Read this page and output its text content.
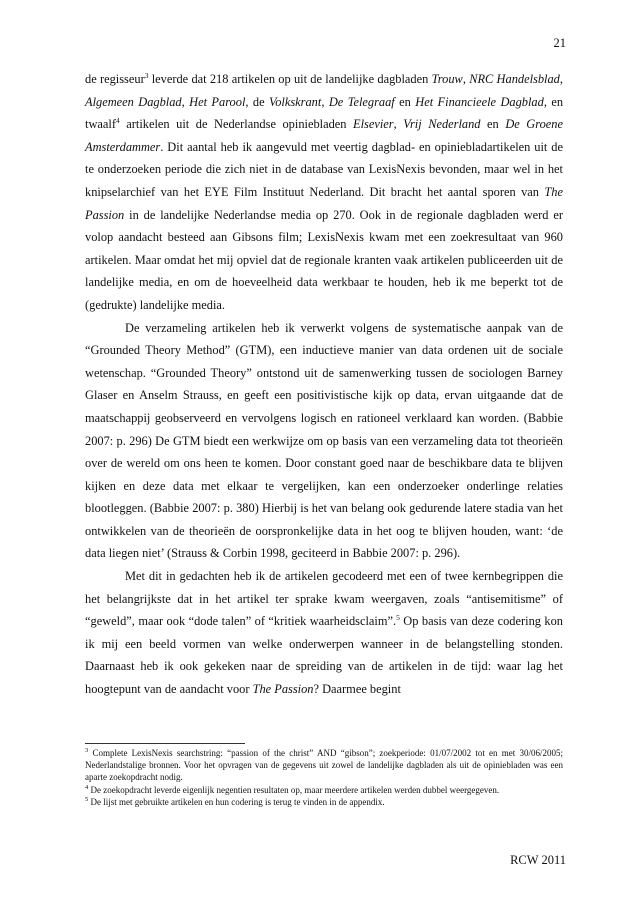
21

de regisseur$^3$ leverde dat 218 artikelen op uit de landelijke dagbladen Trouw, NRC Handelsblad, Algemeen Dagblad, Het Parool, de Volkskrant, De Telegraaf en Het Financieele Dagblad, en twaalf$^4$ artikelen uit de Nederlandse opiniebladen Elsevier, Vrij Nederland en De Groene Amsterdammer. Dit aantal heb ik aangevuld met veertig dagblad- en opiniebladartikelen uit de te onderzoeken periode die zich niet in de database van LexisNexis bevonden, maar wel in het knipselarchief van het EYE Film Instituut Nederland. Dit bracht het aantal sporen van The Passion in de landelijke Nederlandse media op 270. Ook in de regionale dagbladen werd er volop aandacht besteed aan Gibsons film; LexisNexis kwam met een zoekresultaat van 960 artikelen. Maar omdat het mij opviel dat de regionale kranten vaak artikelen publiceerden uit de landelijke media, en om de hoeveelheid data werkbaar te houden, heb ik me beperkt tot de (gedrukte) landelijke media.

De verzameling artikelen heb ik verwerkt volgens de systematische aanpak van de “Grounded Theory Method” (GTM), een inductieve manier van data ordenen uit de sociale wetenschap. “Grounded Theory” ontstond uit de samenwerking tussen de sociologen Barney Glaser en Anselm Strauss, en geeft een positivistische kijk op data, ervan uitgaande dat de maatschappij geobserveerd en vervolgens logisch en rationeel verklaard kan worden. (Babbie 2007: p. 296) De GTM biedt een werkwijze om op basis van een verzameling data tot theorieën over de wereld om ons heen te komen. Door constant goed naar de beschikbare data te blijven kijken en deze data met elkaar te vergelijken, kan een onderzoeker onderlinge relaties blootleggen. (Babbie 2007: p. 380) Hierbij is het van belang ook gedurende latere stadia van het ontwikkelen van de theorieën de oorspronkelijke data in het oog te blijven houden, want: ‘de data liegen niet’ (Strauss & Corbin 1998, geciteerd in Babbie 2007: p. 296).

Met dit in gedachten heb ik de artikelen gecodeerd met een of twee kernbegrippen die het belangrijkste dat in het artikel ter sprake kwam weergaven, zoals “antisemitisme” of “geweld”, maar ook “dode talen” of “kritiek waarheidsclaim”.$^5$ Op basis van deze codering kon ik mij een beeld vormen van welke onderwerpen wanneer in de belangstelling stonden. Daarnaast heb ik ook gekeken naar de spreiding van de artikelen in de tijd: waar lag het hoogtepunt van de aandacht voor The Passion? Daarmee begint

$^3$ Complete LexisNexis searchstring: “passion of the christ” AND “gibson”; zoekperiode: 01/07/2002 tot en met 30/06/2005; Nederlandstalige bronnen. Voor het opvragen van de gegevens uit zowel de landelijke dagbladen als uit de opiniebladen was een aparte zoekopdracht nodig.

$^4$ De zoekopdracht leverde eigenlijk negentien resultaten op, maar meerdere artikelen werden dubbel weergegeven.

$^5$ De lijst met gebruikte artikelen en hun codering is terug te vinden in de appendix.

RCW 2011
